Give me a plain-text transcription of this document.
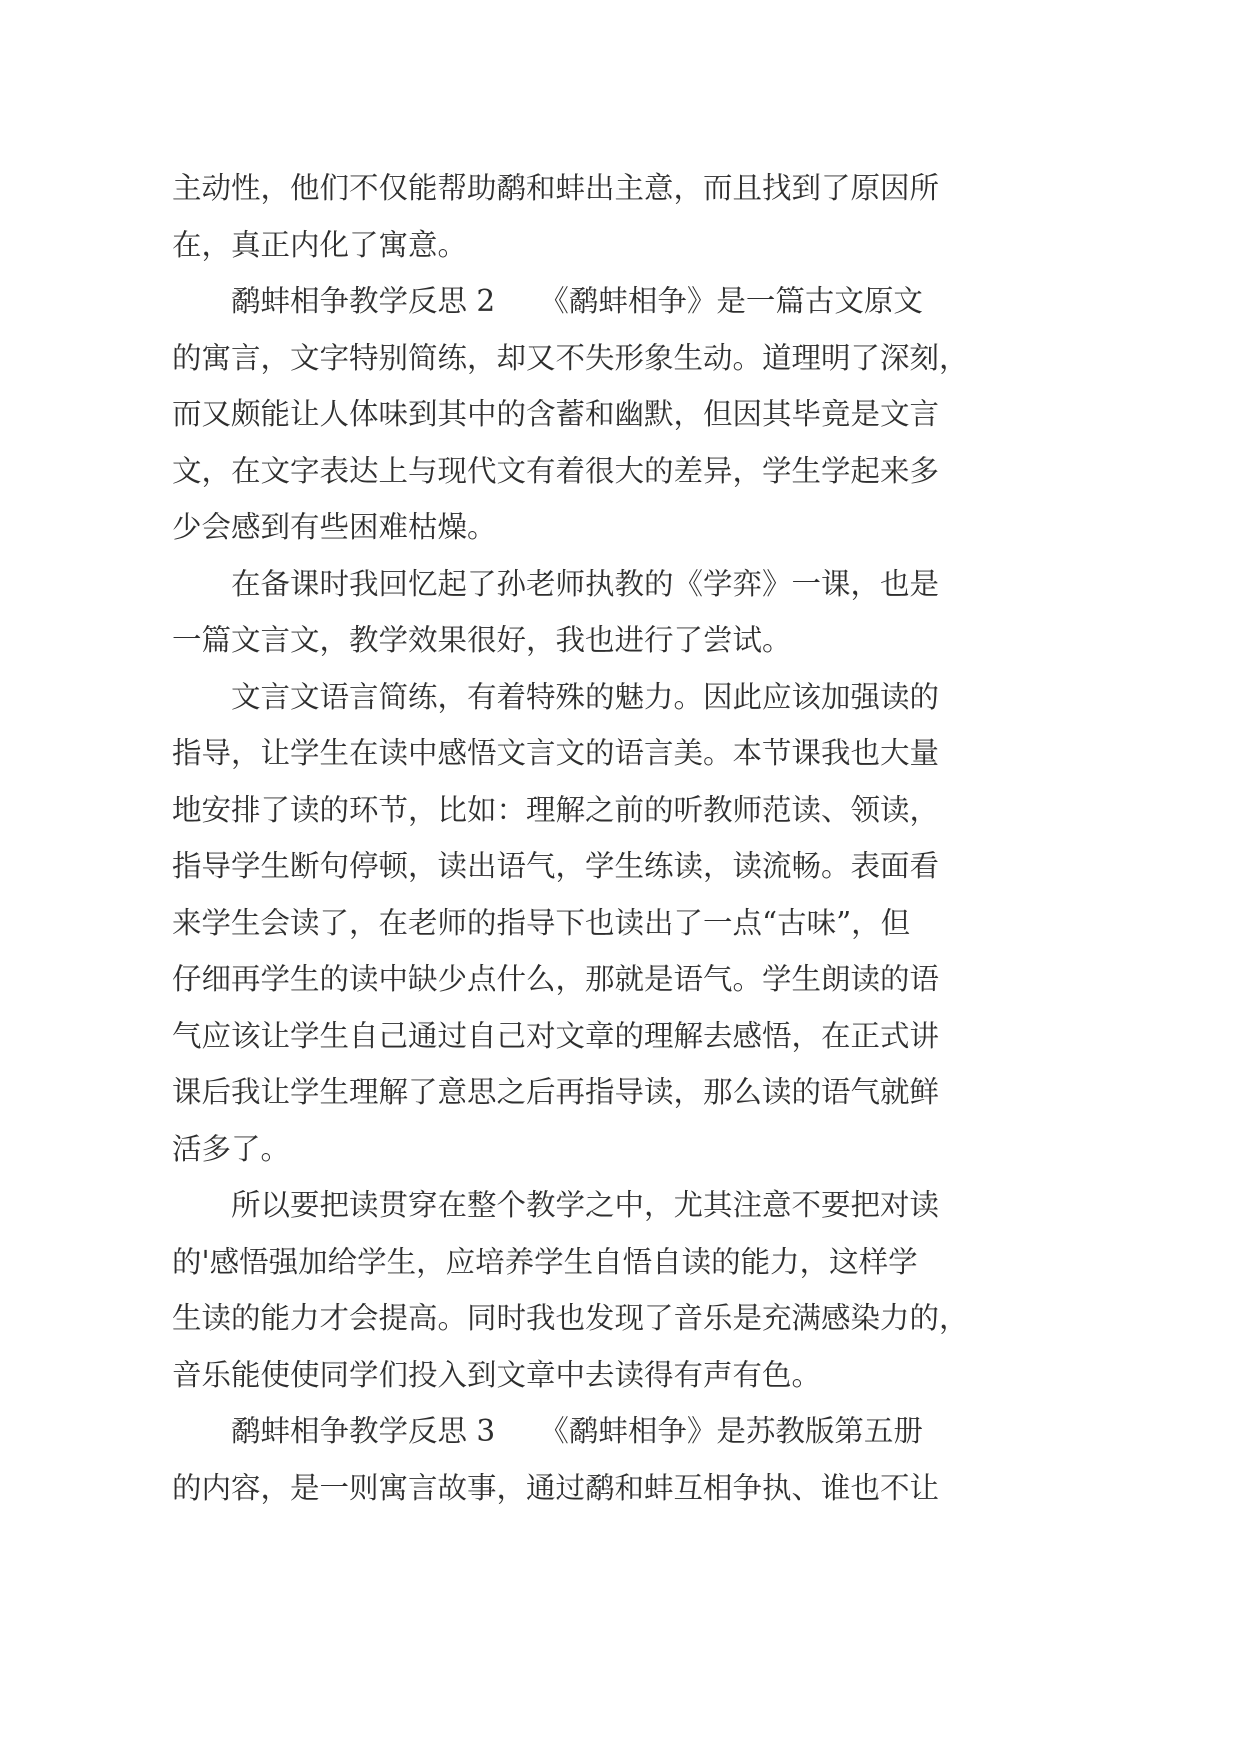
主动性，他们不仅能帮助鹬和蚌出主意，而且找到了原因所
在，真正内化了寓意。
鹬蚌相争教学反思 2　　《鹬蚌相争》是一篇古文原文
的寓言，文字特别简练，却又不失形象生动。道理明了深刻，
而又颇能让人体味到其中的含蓄和幽默，但因其毕竟是文言
文，在文字表达上与现代文有着很大的差异，学生学起来多
少会感到有些困难枯燥。
在备课时我回忆起了孙老师执教的《学弈》一课，也是
一篇文言文，教学效果很好，我也进行了尝试。
文言文语言简练，有着特殊的魅力。因此应该加强读的
指导，让学生在读中感悟文言文的语言美。本节课我也大量
地安排了读的环节，比如：理解之前的听教师范读、领读，
指导学生断句停顿，读出语气，学生练读，读流畅。表面看
来学生会读了，在老师的指导下也读出了一点“古味”，但
仔细再学生的读中缺少点什么，那就是语气。学生朗读的语
气应该让学生自己通过自己对文章的理解去感悟，在正式讲
课后我让学生理解了意思之后再指导读，那么读的语气就鲜
活多了。
所以要把读贯穿在整个教学之中，尤其注意不要把对读
的'感悟强加给学生，应培养学生自悟自读的能力，这样学
生读的能力才会提高。同时我也发现了音乐是充满感染力的，
音乐能使使同学们投入到文章中去读得有声有色。
鹬蚌相争教学反思 3　　《鹬蚌相争》是苏教版第五册
的内容，是一则寓言故事，通过鹬和蚌互相争执、谁也不让
